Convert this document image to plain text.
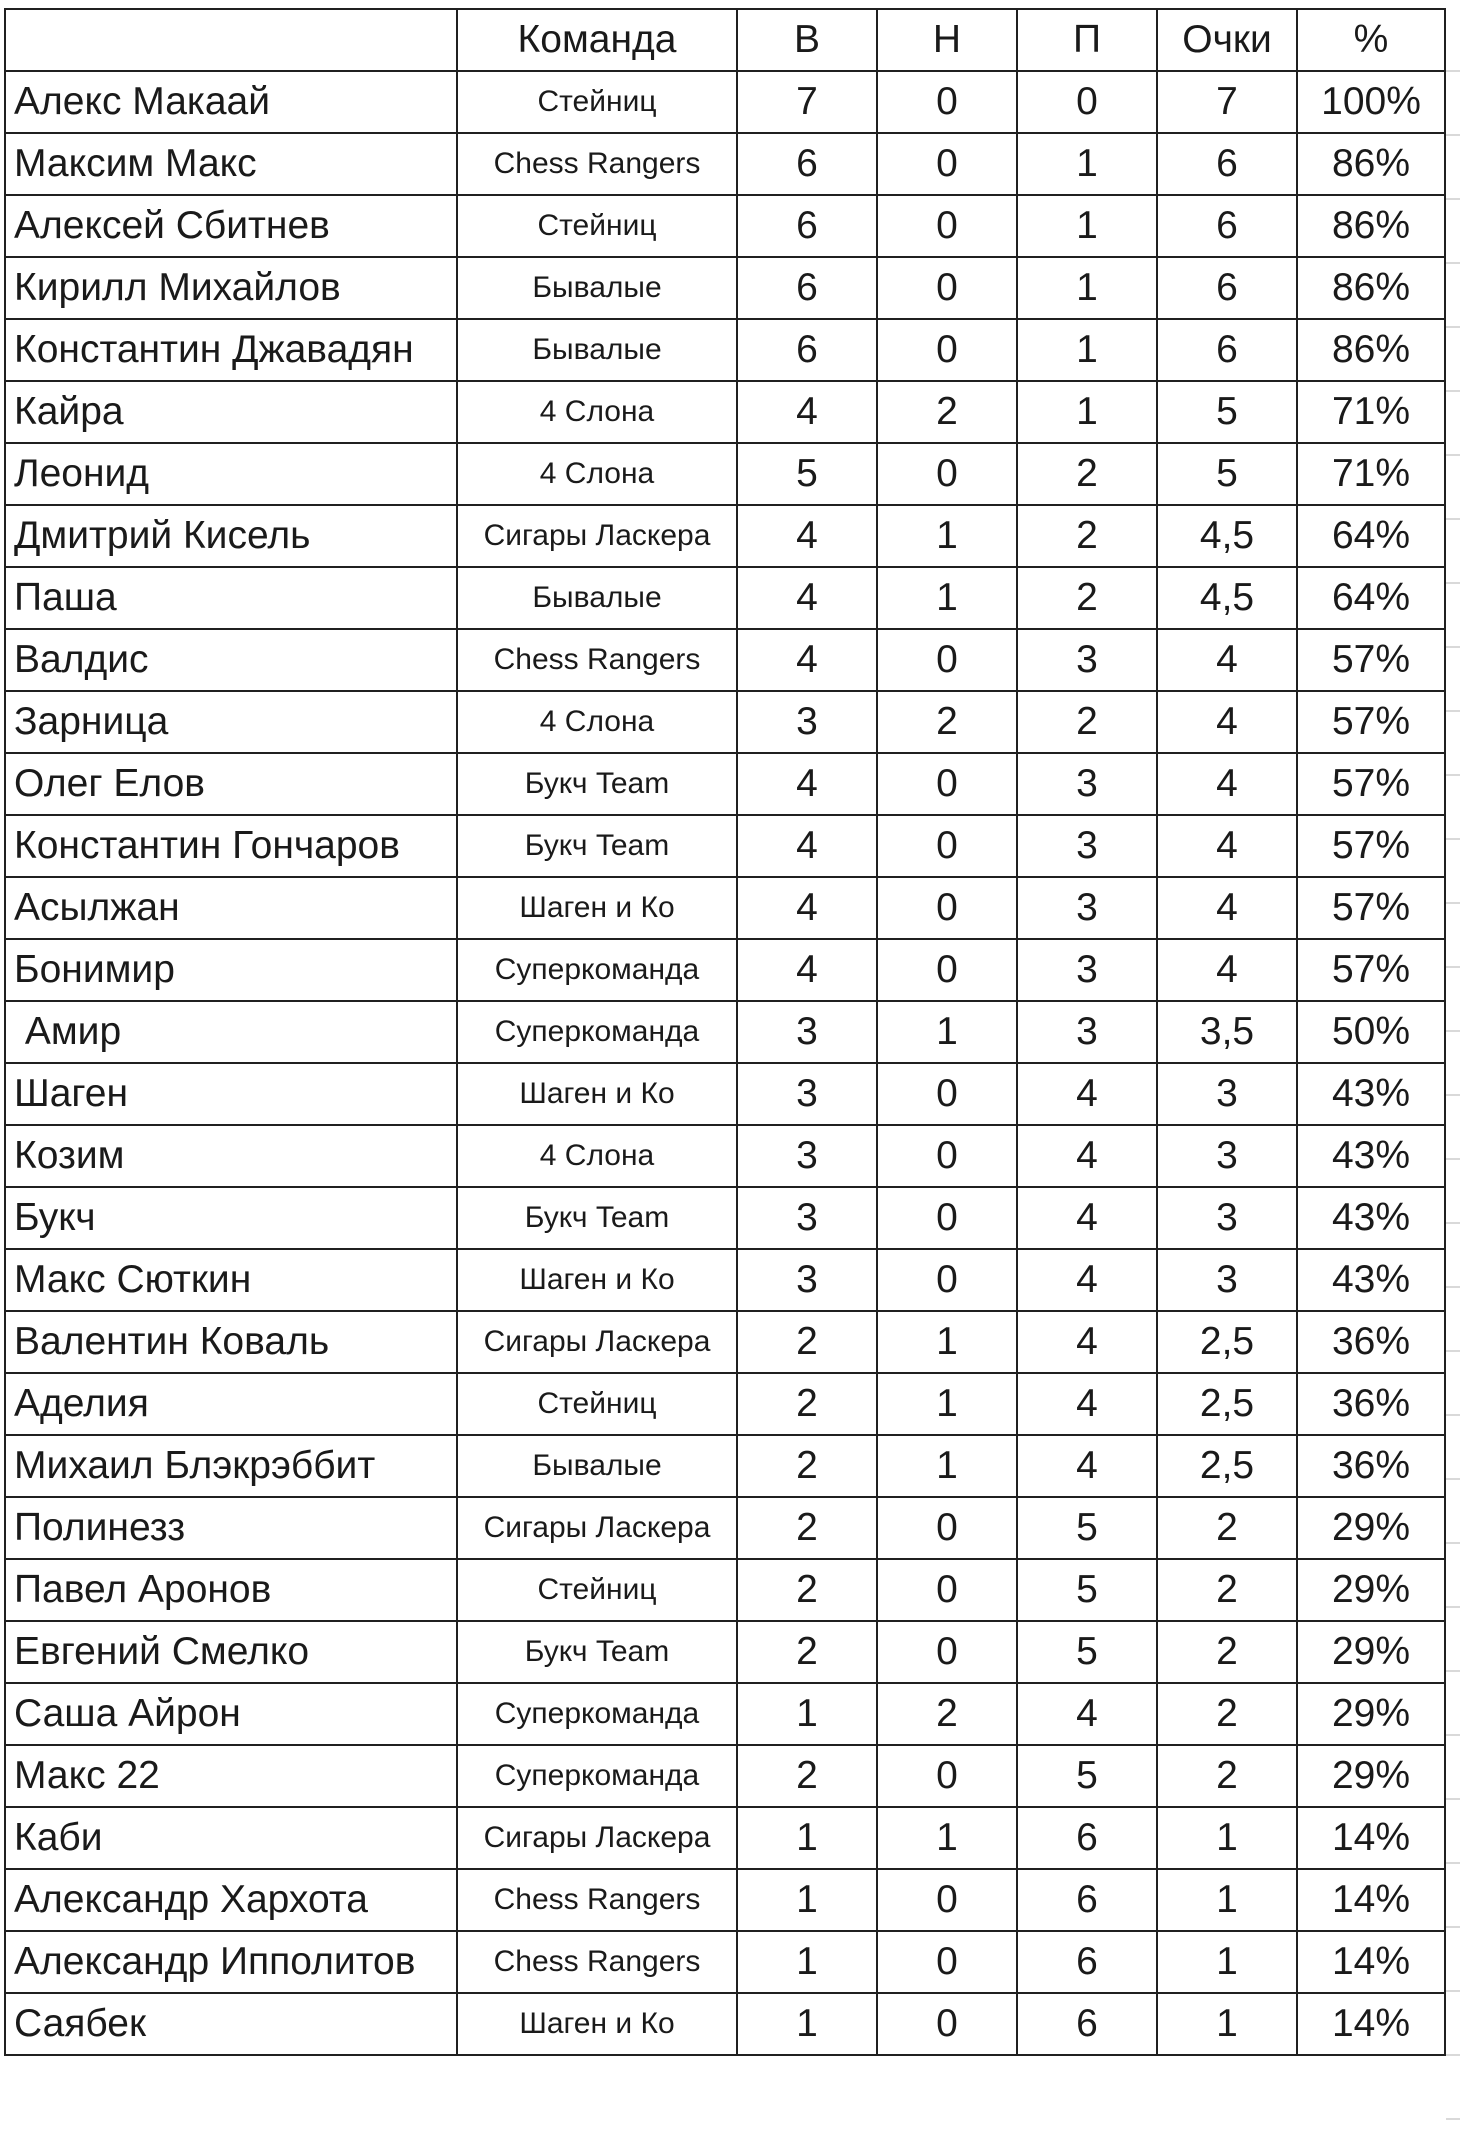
	Команда	В	Н	П	Очки	%
Алекс Макаай	Стейниц	7	0	0	7	100%
Максим Макс	Chess Rangers	6	0	1	6	86%
Алексей Сбитнев	Стейниц	6	0	1	6	86%
Кирилл Михайлов	Бывалые	6	0	1	6	86%
Константин Джавадян	Бывалые	6	0	1	6	86%
Кайра	4 Слона	4	2	1	5	71%
Леонид	4 Слона	5	0	2	5	71%
Дмитрий Кисель	Сигары Ласкера	4	1	2	4,5	64%
Паша	Бывалые	4	1	2	4,5	64%
Валдис	Chess Rangers	4	0	3	4	57%
Зарница	4 Слона	3	2	2	4	57%
Олег Елов	Букч Team	4	0	3	4	57%
Константин Гончаров	Букч Team	4	0	3	4	57%
Асылжан	Шаген и Ко	4	0	3	4	57%
Бонимир	Суперкоманда	4	0	3	4	57%
Амир	Суперкоманда	3	1	3	3,5	50%
Шаген	Шаген и Ко	3	0	4	3	43%
Козим	4 Слона	3	0	4	3	43%
Букч	Букч Team	3	0	4	3	43%
Макс Сюткин	Шаген и Ко	3	0	4	3	43%
Валентин Коваль	Сигары Ласкера	2	1	4	2,5	36%
Аделия	Стейниц	2	1	4	2,5	36%
Михаил Блэкрэббит	Бывалые	2	1	4	2,5	36%
Полинезз	Сигары Ласкера	2	0	5	2	29%
Павел Аронов	Стейниц	2	0	5	2	29%
Евгений Смелко	Букч Team	2	0	5	2	29%
Саша Айрон	Суперкоманда	1	2	4	2	29%
Макс 22	Суперкоманда	2	0	5	2	29%
Каби	Сигары Ласкера	1	1	6	1	14%
Александр Хархота	Chess Rangers	1	0	6	1	14%
Александр Ипполитов	Chess Rangers	1	0	6	1	14%
Саябек	Шаген и Ко	1	0	6	1	14%
